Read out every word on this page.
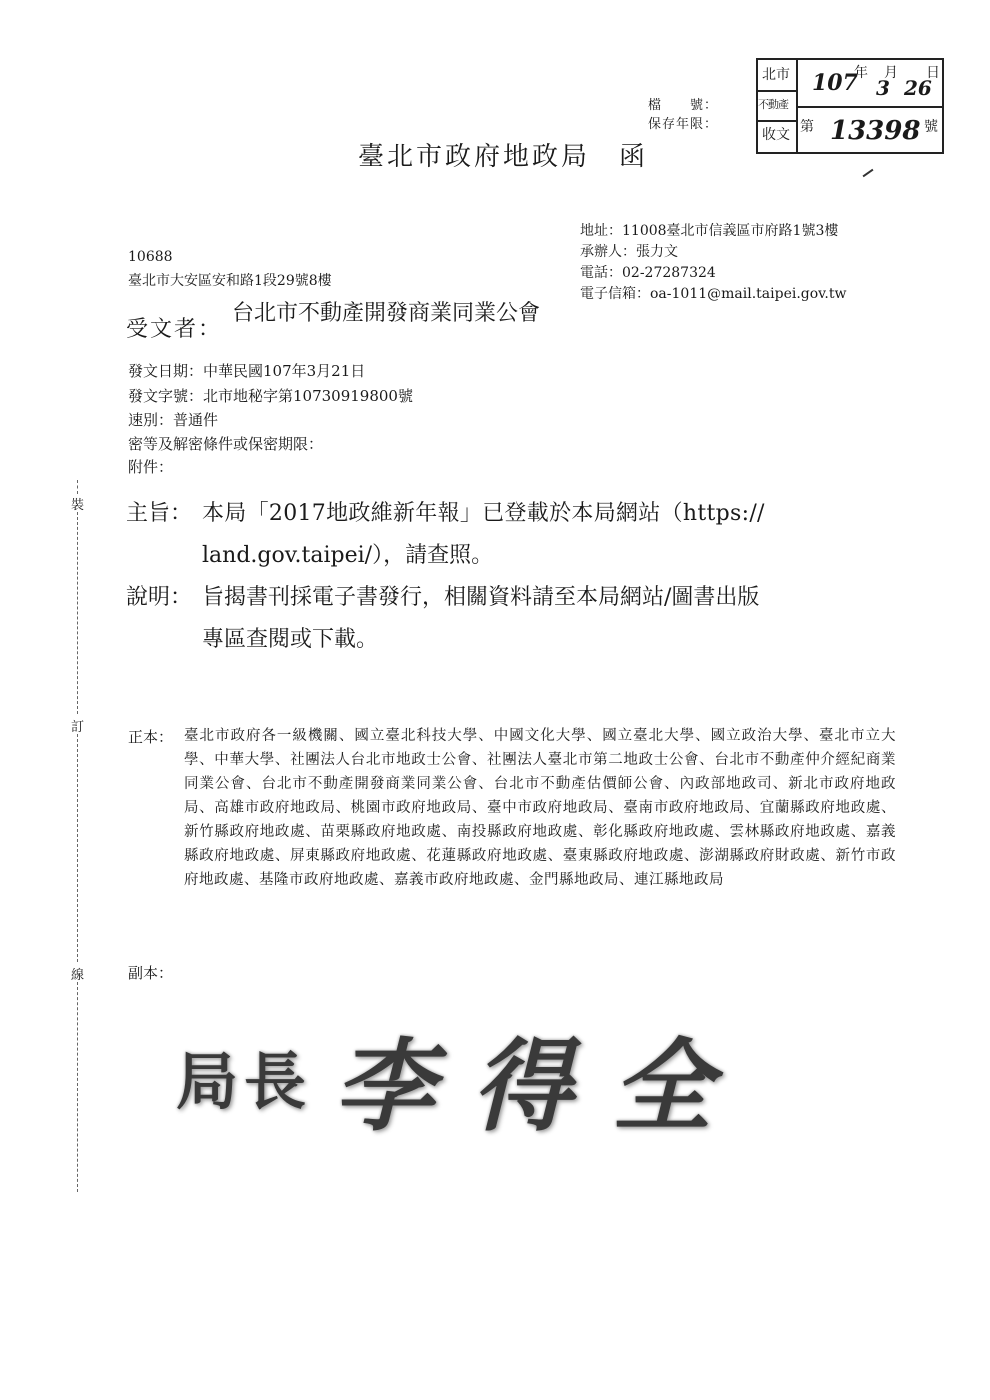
檔　　號：
保存年限：
北市
不動產
收文
107
年
3
月
26
日
第 13398 號
臺北市政府地政局　函
地址：11008臺北市信義區市府路1號3樓
承辦人：張力文
電話：02-27287324
電子信箱：oa-1011@mail.taipei.gov.tw
10688
臺北市大安區安和路1段29號8樓
受文者：
台北市不動產開發商業同業公會
發文日期：中華民國107年3月21日
發文字號：北市地秘字第10730919800號
速別：普通件
密等及解密條件或保密期限：
附件：
裝
訂
線
主旨： 本局「2017地政維新年報」已登載於本局網站（https://
land.gov.taipei/），請查照。
說明： 旨揭書刊採電子書發行，相關資料請至本局網站/圖書出版
專區查閱或下載。
正本： 臺北市政府各一級機關、國立臺北科技大學、中國文化大學、國立臺北大學、國立政治大學、臺北市立大學、中華大學、社團法人台北市地政士公會、社團法人臺北市第二地政士公會、台北市不動產仲介經紀商業同業公會、台北市不動產開發商業同業公會、台北市不動產估價師公會、內政部地政司、新北市政府地政局、高雄市政府地政局、桃園市政府地政局、臺中市政府地政局、臺南市政府地政局、宜蘭縣政府地政處、新竹縣政府地政處、苗栗縣政府地政處、南投縣政府地政處、彰化縣政府地政處、雲林縣政府地政處、嘉義縣政府地政處、屏東縣政府地政處、花蓮縣政府地政處、臺東縣政府地政處、澎湖縣政府財政處、新竹市政府地政處、基隆市政府地政處、嘉義市政府地政處、金門縣地政局、連江縣地政局
副本：
局 長 李 得 全
